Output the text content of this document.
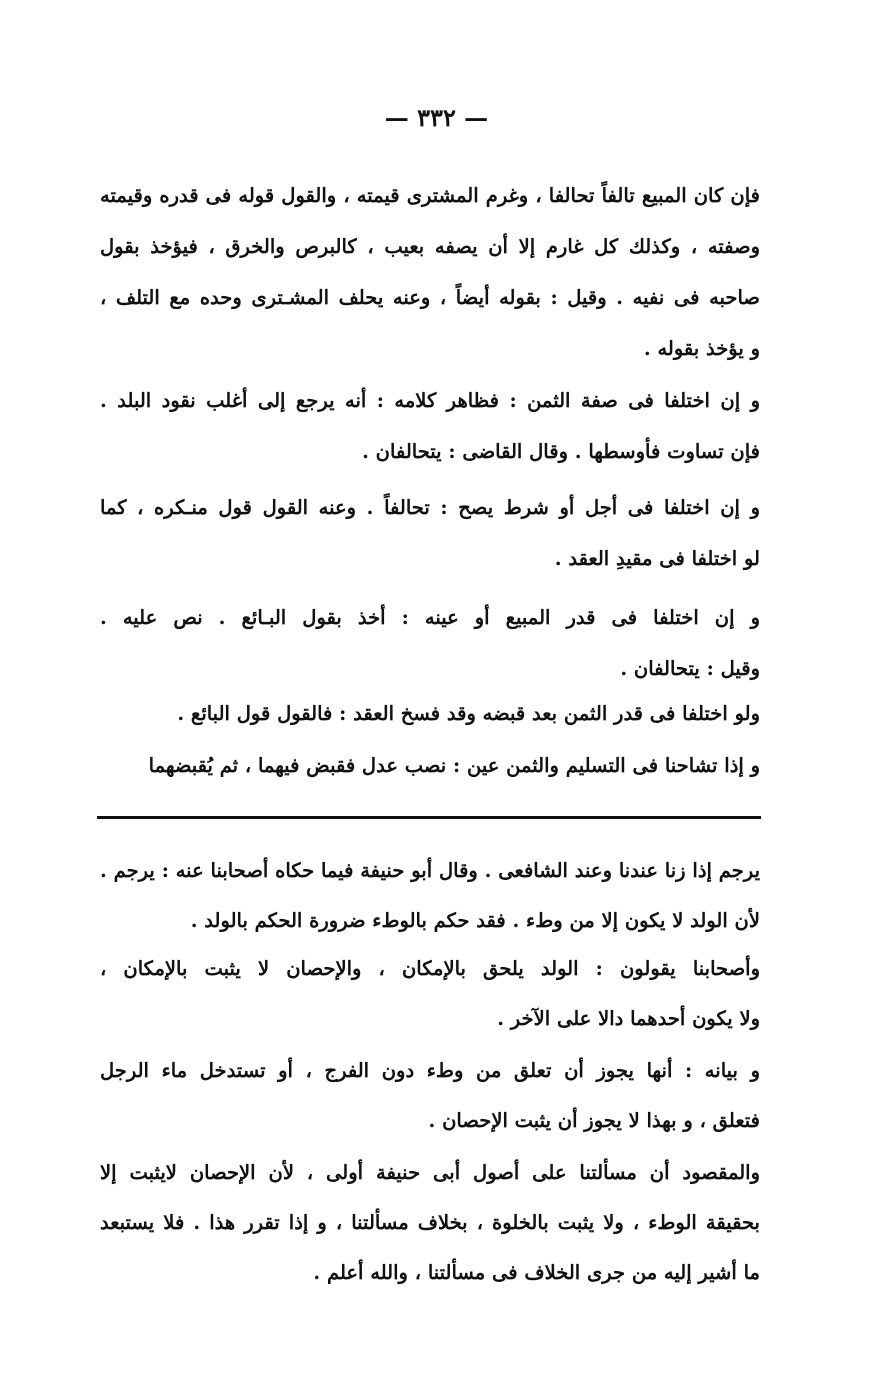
— ٣٣٢ —
فإن كان المبيع تالفاً تحالفا ، وغرم المشترى قيمته ، والقول قوله فى قدره وقيمته
وصفته ، وكذلك كل غارم إلا أن يصفه بعيب ، كالبرص والخرق ، فيؤخذ بقول
صاحبه فى نفيه . وقيل : بقوله أيضاً ، وعنه يحلف المشـترى وحده مع التلف ،
و يؤخذ بقوله .
و إن اختلفا فى صفة الثمن : فظاهر كلامه : أنه يرجع إلى أغلب نقود البلد .
فإن تساوت فأوسطها . وقال القاضى : يتحالفان .
و إن اختلفا فى أجل أو شرط يصح : تحالفاً . وعنه القول قول منـكره ، كما
لو اختلفا فى مقيدِ العقد .
و إن اختلفا فى قدر المبيع أو عينه : أخذ بقول البـائع . نص عليه .
وقيل : يتحالفان .
ولو اختلفا فى قدر الثمن بعد قبضه وقد فسخ العقد : فالقول قول البائع .
و إذا تشاحنا فى التسليم والثمن عين : نصب عدل فقبض فيهما ، ثم يُقبضهما
يرجم إذا زنا عندنا وعند الشافعى . وقال أبو حنيفة فيما حكاه أصحابنا عنه : يرجم .
لأن الولد لا يكون إلا من وطء . فقد حكم بالوطء ضرورة الحكم بالولد .
وأصحابنا يقولون : الولد يلحق بالإمكان ، والإحصان لا يثبت بالإمكان ،
ولا يكون أحدهما دالا على الآخر .
و بيانه : أنها يجوز أن تعلق من وطء دون الفرج ، أو تستدخل ماء الرجل
فتعلق ، و بهذا لا يجوز أن يثبت الإحصان .
والمقصود أن مسألتنا على أصول أبى حنيفة أولى ، لأن الإحصان لايثبت إلا
بحقيقة الوطء ، ولا يثبت بالخلوة ، بخلاف مسألتنا ، و إذا تقرر هذا . فلا يستبعد
ما أشير إليه من جرى الخلاف فى مسألتنا ، والله أعلم .
